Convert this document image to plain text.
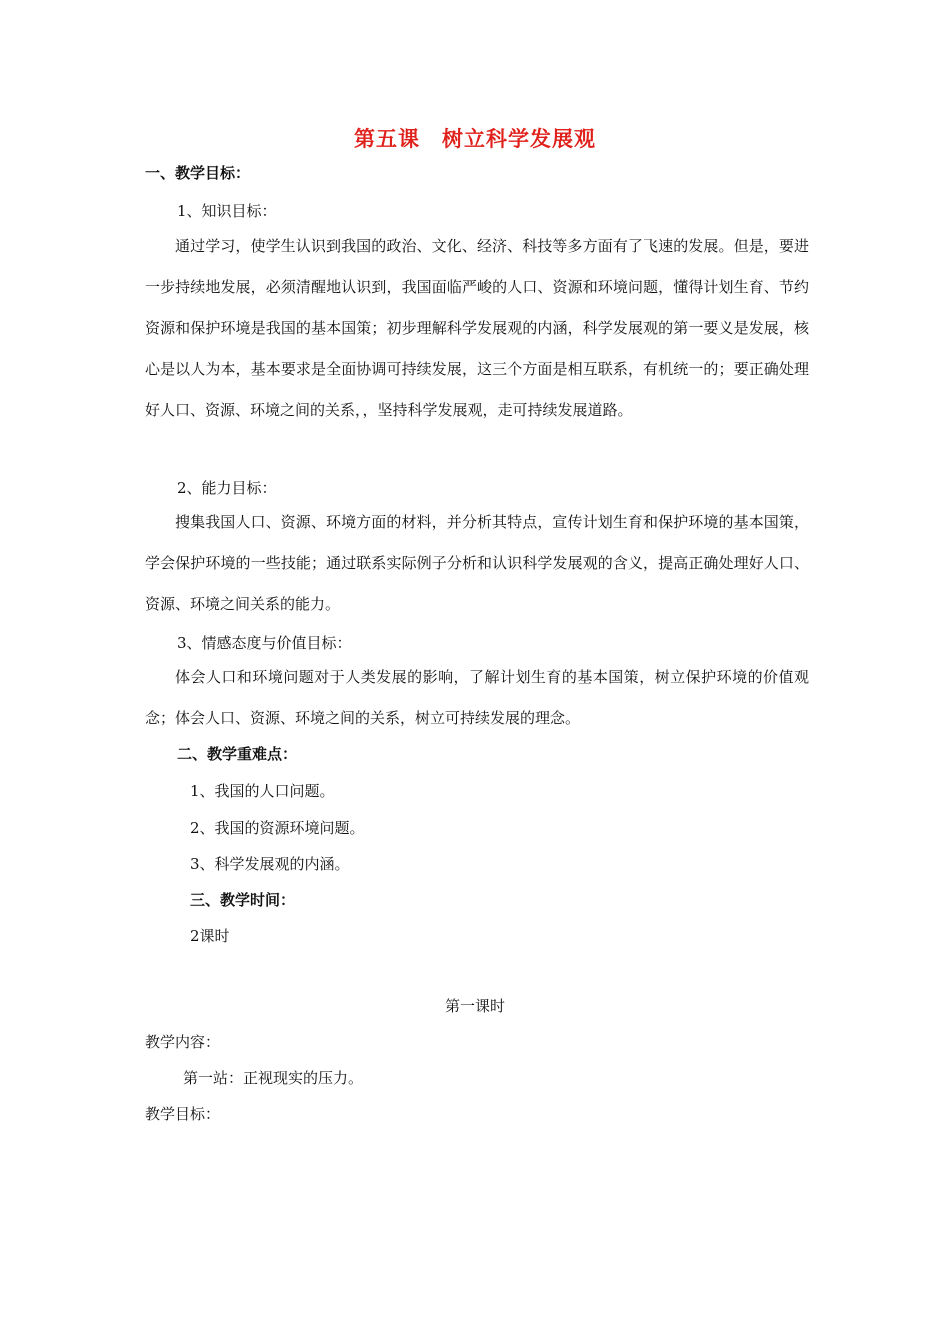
第五课　树立科学发展观
一、教学目标：
1、知识目标：

通过学习，使学生认识到我国的政治、文化、经济、科技等多方面有了飞速的发展。但是，要进一步持续地发展，必须清醒地认识到，我国面临严峻的人口、资源和环境问题，懂得计划生育、节约资源和保护环境是我国的基本国策；初步理解科学发展观的内涵，科学发展观的第一要义是发展，核心是以人为本，基本要求是全面协调可持续发展，这三个方面是相互联系，有机统一的；要正确处理好人口、资源、环境之间的关系，，坚持科学发展观，走可持续发展道路。

2、能力目标：

搜集我国人口、资源、环境方面的材料，并分析其特点，宣传计划生育和保护环境的基本国策，学会保护环境的一些技能；通过联系实际例子分析和认识科学发展观的含义，提高正确处理好人口、资源、环境之间关系的能力。

3、情感态度与价值目标：

体会人口和环境问题对于人类发展的影响，了解计划生育的基本国策，树立保护环境的价值观念；体会人口、资源、环境之间的关系，树立可持续发展的理念。

二、教学重难点：
1、我国的人口问题。
2、我国的资源环境问题。
3、科学发展观的内涵。
三、教学时间：
2课时
第一课时
教学内容：
第一站：正视现实的压力。
教学目标：
